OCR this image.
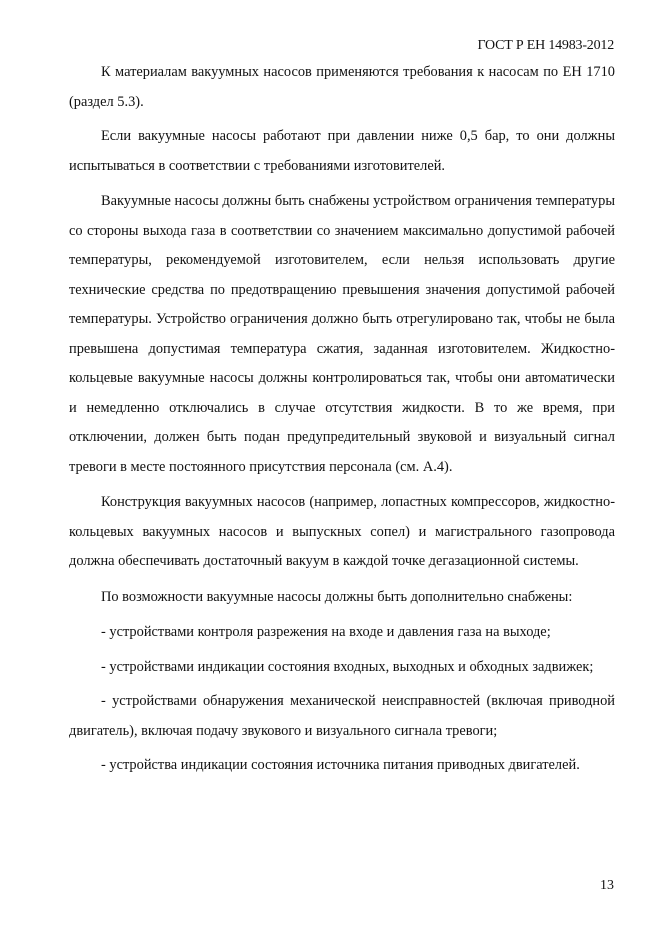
ГОСТ Р ЕН 14983-2012

К материалам вакуумных насосов применяются требования к насосам по ЕН 1710 (раздел 5.3).

Если вакуумные насосы работают при давлении ниже 0,5 бар, то они должны испытываться в соответствии с требованиями изготовителей.

Вакуумные насосы должны быть снабжены устройством ограничения температуры со стороны выхода газа в соответствии со значением максимально допустимой рабочей температуры, рекомендуемой изготовителем, если нельзя использовать другие технические средства по предотвращению превышения значения допустимой рабочей температуры. Устройство ограничения должно быть отрегулировано так, чтобы не была превышена допустимая температура сжатия, заданная изготовителем. Жидкостно-кольцевые вакуумные насосы должны контролироваться так, чтобы они автоматически и немедленно отключались в случае отсутствия жидкости. В то же время, при отключении, должен быть подан предупредительный звуковой и визуальный сигнал тревоги в месте постоянного присутствия персонала (см. А.4).

Конструкция вакуумных насосов (например, лопастных компрессоров, жидкостно-кольцевых вакуумных насосов и выпускных сопел) и магистрального газопровода должна обеспечивать достаточный вакуум в каждой точке дегазационной системы.

По возможности вакуумные насосы должны быть дополнительно снабжены:

- устройствами контроля разрежения на входе и давления газа на выходе;

- устройствами индикации состояния входных, выходных и обходных задвижек;

- устройствами обнаружения механической неисправностей (включая приводной двигатель), включая подачу звукового и визуального сигнала тревоги;

- устройства индикации состояния источника питания приводных двигателей.

13
